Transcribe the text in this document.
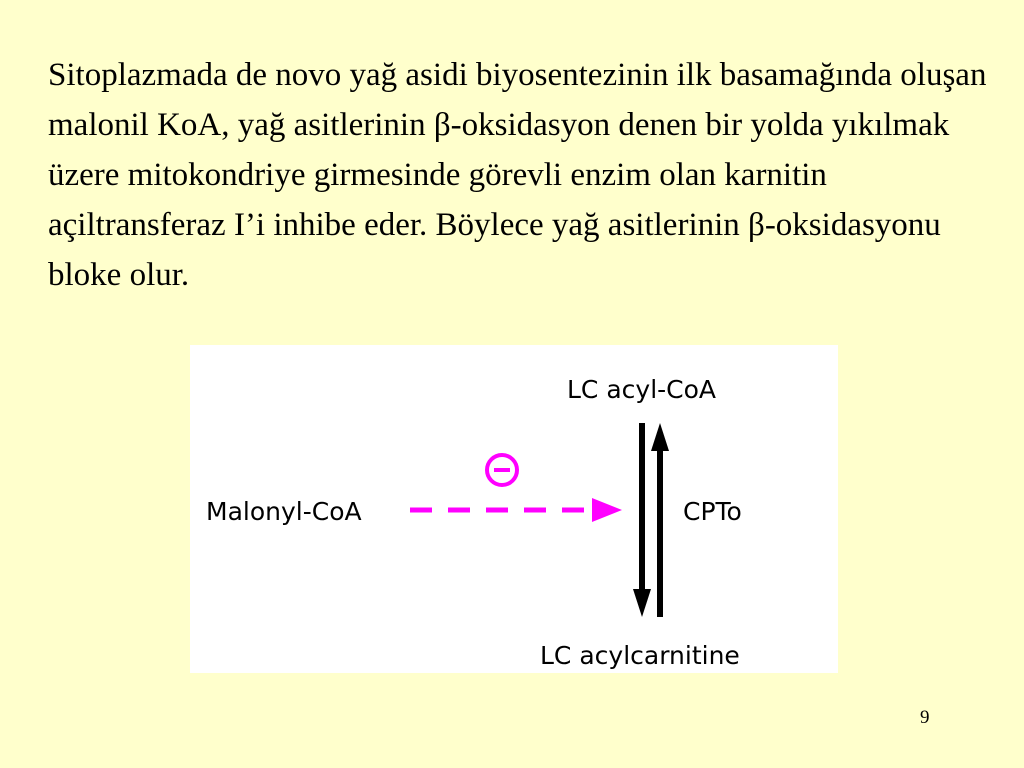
Sitoplazmada de novo yağ asidi biyosentezinin ilk basamağında oluşan malonil KoA, yağ asitlerinin β-oksidasyon denen bir yolda yıkılmak üzere mitokondriye girmesinde görevli enzim olan karnitin açiltransferaz I’i inhibe eder. Böylece yağ asitlerinin β-oksidasyonu bloke olur.

LC acyl-CoA
Malonyl-CoA	CPTo
LC acylcarnitine
9
